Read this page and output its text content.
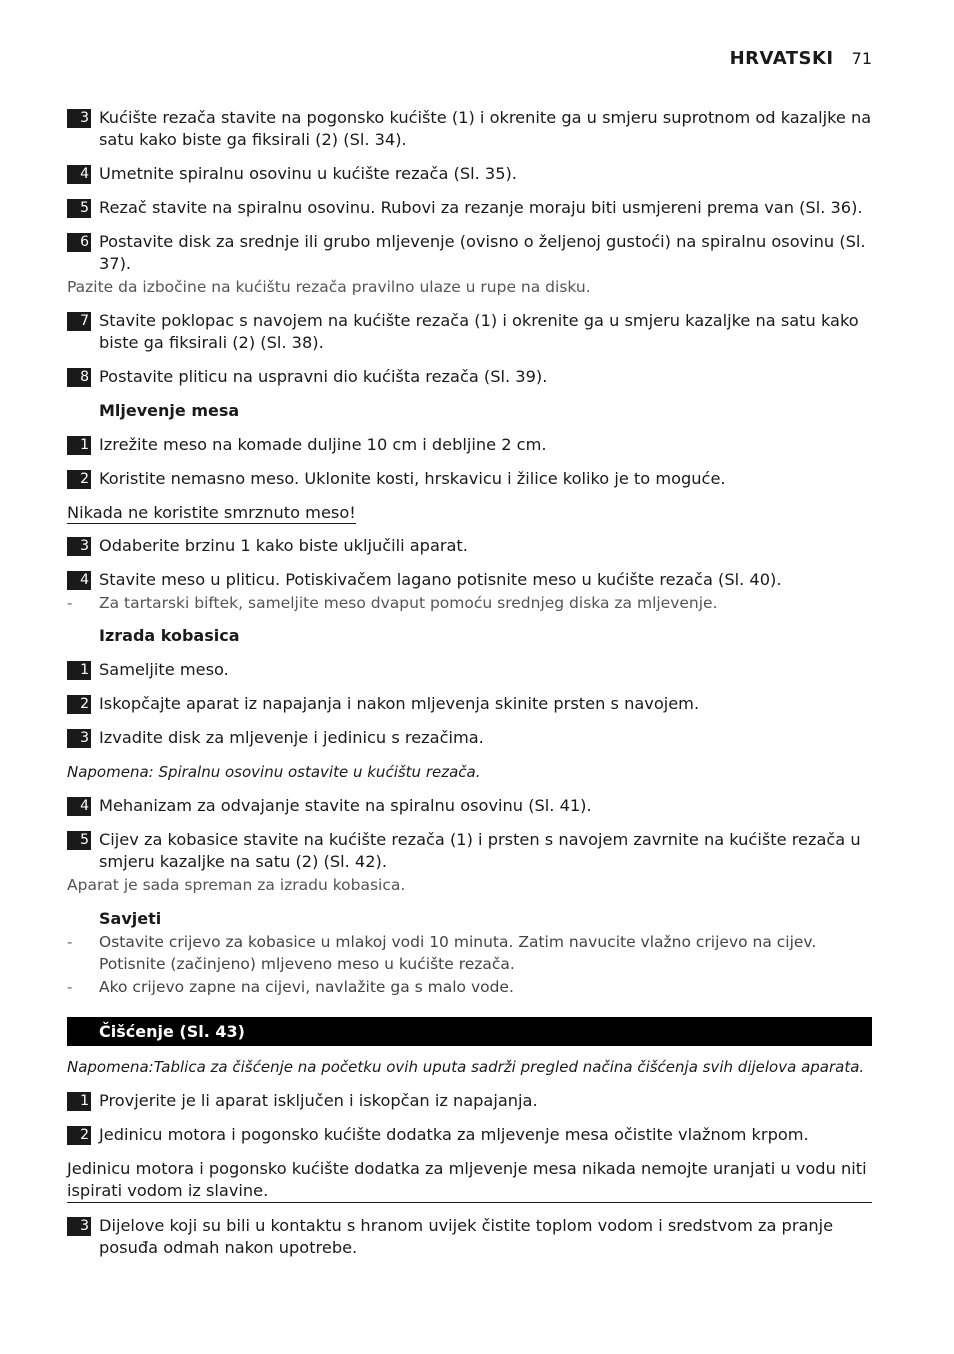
HRVATSKI 71
3 Kućište rezača stavite na pogonsko kućište (1) i okrenite ga u smjeru suprotnom od kazaljke na satu kako biste ga fiksirali (2) (Sl. 34).
4 Umetnite spiralnu osovinu u kućište rezača (Sl. 35).
5 Rezač stavite na spiralnu osovinu. Rubovi za rezanje moraju biti usmjereni prema van (Sl. 36).
6 Postavite disk za srednje ili grubo mljevenje (ovisno o željenoj gustoći) na spiralnu osovinu (Sl. 37).
Pazite da izbočine na kućištu rezača pravilno ulaze u rupe na disku.
7 Stavite poklopac s navojem na kućište rezača (1) i okrenite ga u smjeru kazaljke na satu kako biste ga fiksirali (2) (Sl. 38).
8 Postavite pliticu na uspravni dio kućišta rezača (Sl. 39).
Mljevenje mesa
1 Izrežite meso na komade duljine 10 cm i debljine 2 cm.
2 Koristite nemasno meso. Uklonite kosti, hrskavicu i žilice koliko je to moguće.
Nikada ne koristite smrznuto meso!
3 Odaberite brzinu 1 kako biste uključili aparat.
4 Stavite meso u pliticu. Potiskivačem lagano potisnite meso u kućište rezača (Sl. 40).
-	Za tartarski biftek, sameljite meso dvaput pomoću srednjeg diska za mljevenje.
Izrada kobasica
1 Sameljite meso.
2 Iskopčajte aparat iz napajanja i nakon mljevenja skinite prsten s navojem.
3 Izvadite disk za mljevenje i jedinicu s rezačima.
Napomena: Spiralnu osovinu ostavite u kućištu rezača.
4 Mehanizam za odvajanje stavite na spiralnu osovinu (Sl. 41).
5 Cijev za kobasice stavite na kućište rezača (1) i prsten s navojem zavrnite na kućište rezača u smjeru kazaljke na satu (2) (Sl. 42).
Aparat je sada spreman za izradu kobasica.
Savjeti
-	Ostavite crijevo za kobasice u mlakoj vodi 10 minuta. Zatim navucite vlažno crijevo na cijev. Potisnite (začinjeno) mljeveno meso u kućište rezača.
-	Ako crijevo zapne na cijevi, navlažite ga s malo vode.
Čišćenje (Sl. 43)
Napomena:Tablica za čišćenje na početku ovih uputa sadrži pregled načina čišćenja svih dijelova aparata.
1 Provjerite je li aparat isključen i iskopčan iz napajanja.
2 Jedinicu motora i pogonsko kućište dodatka za mljevenje mesa očistite vlažnom krpom.
Jedinicu motora i pogonsko kućište dodatka za mljevenje mesa nikada nemojte uranjati u vodu niti ispirati vodom iz slavine.
3 Dijelove koji su bili u kontaktu s hranom uvijek čistite toplom vodom i sredstvom za pranje posuđa odmah nakon upotrebe.
